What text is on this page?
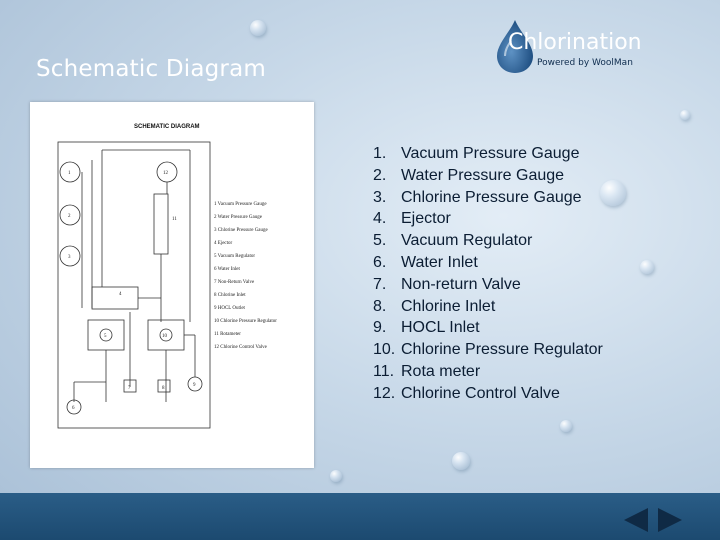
Schematic Diagram
Chlorination
Powered by WoolMan
1
2
3
12
11
4
5	10
6
7	8
9
SCHEMATIC DIAGRAM
1 Vacuum Pressure Gauge
2 Water Pressure Gauge
3 Chlorine Pressure Gauge
4 Ejector
5 Vacuum Regulator
6 Water Inlet
7 Non-Return Valve
8 Chlorine Inlet
9 HOCL Outlet
10 Chlorine Pressure Regulator
11 Rotameter
12 Chlorine Control Valve
1. Vacuum Pressure Gauge
2. Water Pressure Gauge
3. Chlorine Pressure Gauge
4. Ejector
5. Vacuum Regulator
6. Water Inlet
7. Non-return Valve
8. Chlorine Inlet
9. HOCL Inlet
10. Chlorine Pressure Regulator
11. Rota meter
12. Chlorine Control Valve
